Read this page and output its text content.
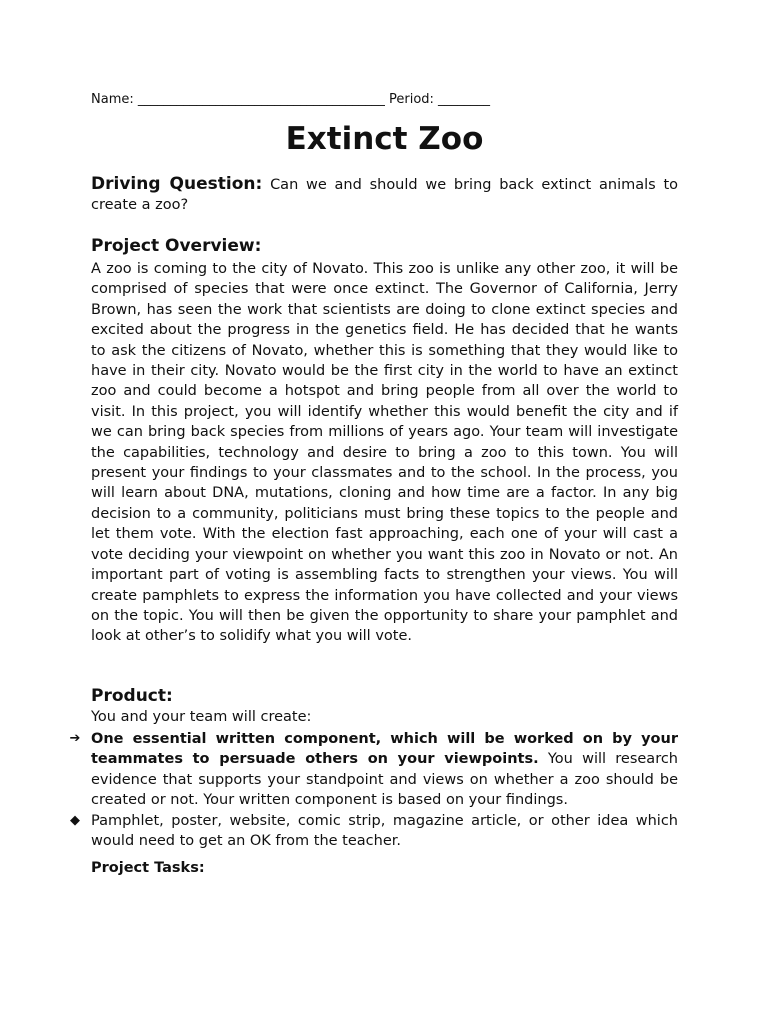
Name: ______________________________________ Period: ________
Extinct Zoo

Driving Question: Can we and should we bring back extinct animals to create a zoo?

Project Overview:

A zoo is coming to the city of Novato. This zoo is unlike any other zoo, it will be comprised of species that were once extinct. The Governor of California, Jerry Brown, has seen the work that scientists are doing to clone extinct species and excited about the progress in the genetics field. He has decided that he wants to ask the citizens of Novato, whether this is something that they would like to have in their city. Novato would be the first city in the world to have an extinct zoo and could become a hotspot and bring people from all over the world to visit. In this project, you will identify whether this would benefit the city and if we can bring back species from millions of years ago. Your team will investigate the capabilities, technology and desire to bring a zoo to this town. You will present your findings to your classmates and to the school. In the process, you will learn about DNA, mutations, cloning and how time are a factor. In any big decision to a community, politicians must bring these topics to the people and let them vote. With the election fast approaching, each one of your will cast a vote deciding your viewpoint on whether you want this zoo in Novato or not. An important part of voting is assembling facts to strengthen your views. You will create pamphlets to express the information you have collected and your views on the topic. You will then be given the opportunity to share your pamphlet and look at other’s to solidify what you will vote.

Product:

You and your team will create:

➔ One essential written component, which will be worked on by your teammates to persuade others on your viewpoints. You will research evidence that supports your standpoint and views on whether a zoo should be created or not. Your written component is based on your findings.
◆ Pamphlet, poster, website, comic strip, magazine article, or other idea which would need to get an OK from the teacher.
Project Tasks:
